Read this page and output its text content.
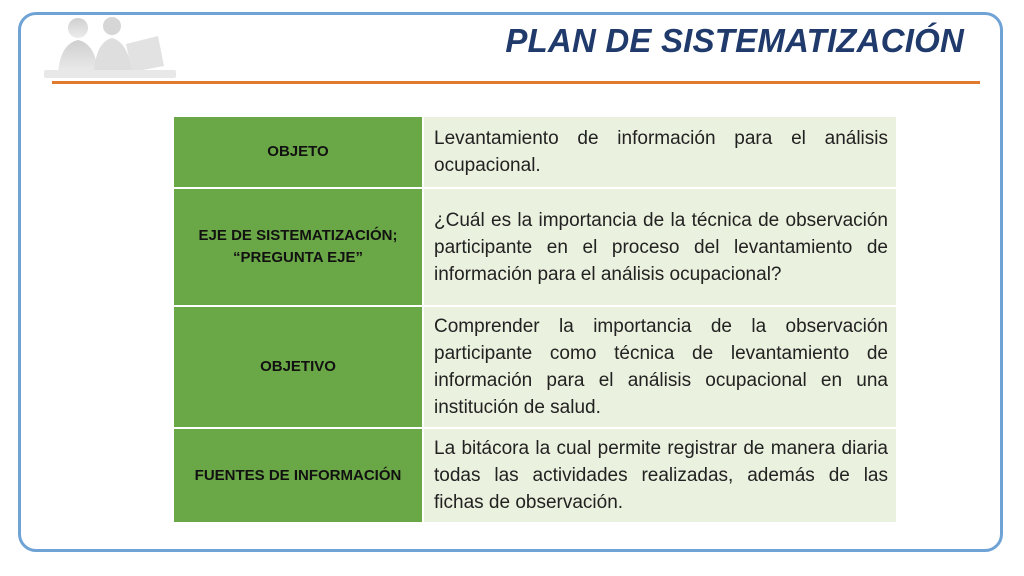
PLAN DE SISTEMATIZACIÓN
OBJETO	Levantamiento de información para el análisis ocupacional.
EJE DE SISTEMATIZACIÓN; “PREGUNTA EJE”	¿Cuál es la importancia de la técnica de observación participante en el proceso del levantamiento de información para el análisis ocupacional?
OBJETIVO	Comprender la importancia de la observación participante como técnica de levantamiento de información para el análisis ocupacional en una institución de salud.
FUENTES DE INFORMACIÓN	La bitácora la cual permite registrar de manera diaria todas las actividades realizadas, además de las fichas de observación.
